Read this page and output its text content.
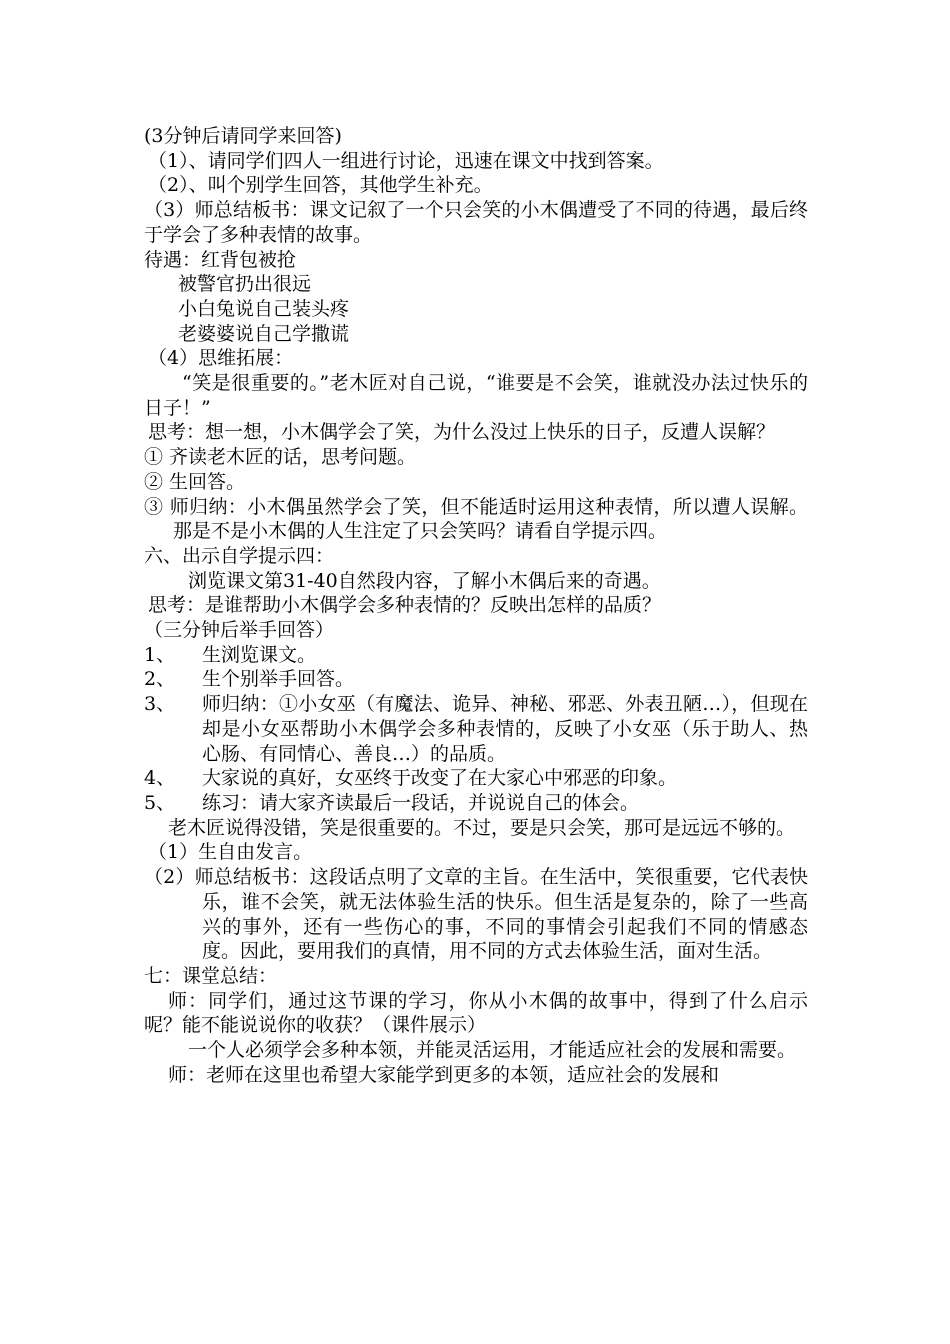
(3分钟后请同学来回答)

（1）、请同学们四人一组进行讨论，迅速在课文中找到答案。

（2）、叫个别学生回答，其他学生补充。

（3）师总结板书：课文记叙了一个只会笑的小木偶遭受了不同的待遇，最后终于学会了多种表情的故事。

待遇：红背包被抢

被警官扔出很远

小白兔说自己装头疼

老婆婆说自己学撒谎

（4）思维拓展：

“笑是很重要的。”老木匠对自己说，“谁要是不会笑，谁就没办法过快乐的日子！”

思考：想一想，小木偶学会了笑，为什么没过上快乐的日子，反遭人误解？

① 齐读老木匠的话，思考问题。

② 生回答。

③ 师归纳：小木偶虽然学会了笑，但不能适时运用这种表情，所以遭人误解。那是不是小木偶的人生注定了只会笑吗？请看自学提示四。

六、出示自学提示四：

浏览课文第31-40自然段内容，了解小木偶后来的奇遇。

思考：是谁帮助小木偶学会多种表情的？反映出怎样的品质？

（三分钟后举手回答）

1、	生浏览课文。
2、	生个别举手回答。
3、	师归纳：①小女巫（有魔法、诡异、神秘、邪恶、外表丑陋…），但现在却是小女巫帮助小木偶学会多种表情的，反映了小女巫（乐于助人、热心肠、有同情心、善良…）的品质。
4、	大家说的真好，女巫终于改变了在大家心中邪恶的印象。
5、	练习：请大家齐读最后一段话，并说说自己的体会。

老木匠说得没错，笑是很重要的。不过，要是只会笑，那可是远远不够的。

（1）生自由发言。

（2）师总结板书：这段话点明了文章的主旨。在生活中，笑很重要，它代表快乐，谁不会笑，就无法体验生活的快乐。但生活是复杂的，除了一些高兴的事外，还有一些伤心的事，不同的事情会引起我们不同的情感态度。因此，要用我们的真情，用不同的方式去体验生活，面对生活。

七：课堂总结：

师：同学们，通过这节课的学习，你从小木偶的故事中，得到了什么启示呢？能不能说说你的收获？（课件展示）

一个人必须学会多种本领，并能灵活运用，才能适应社会的发展和需要。

师：老师在这里也希望大家能学到更多的本领，适应社会的发展和
